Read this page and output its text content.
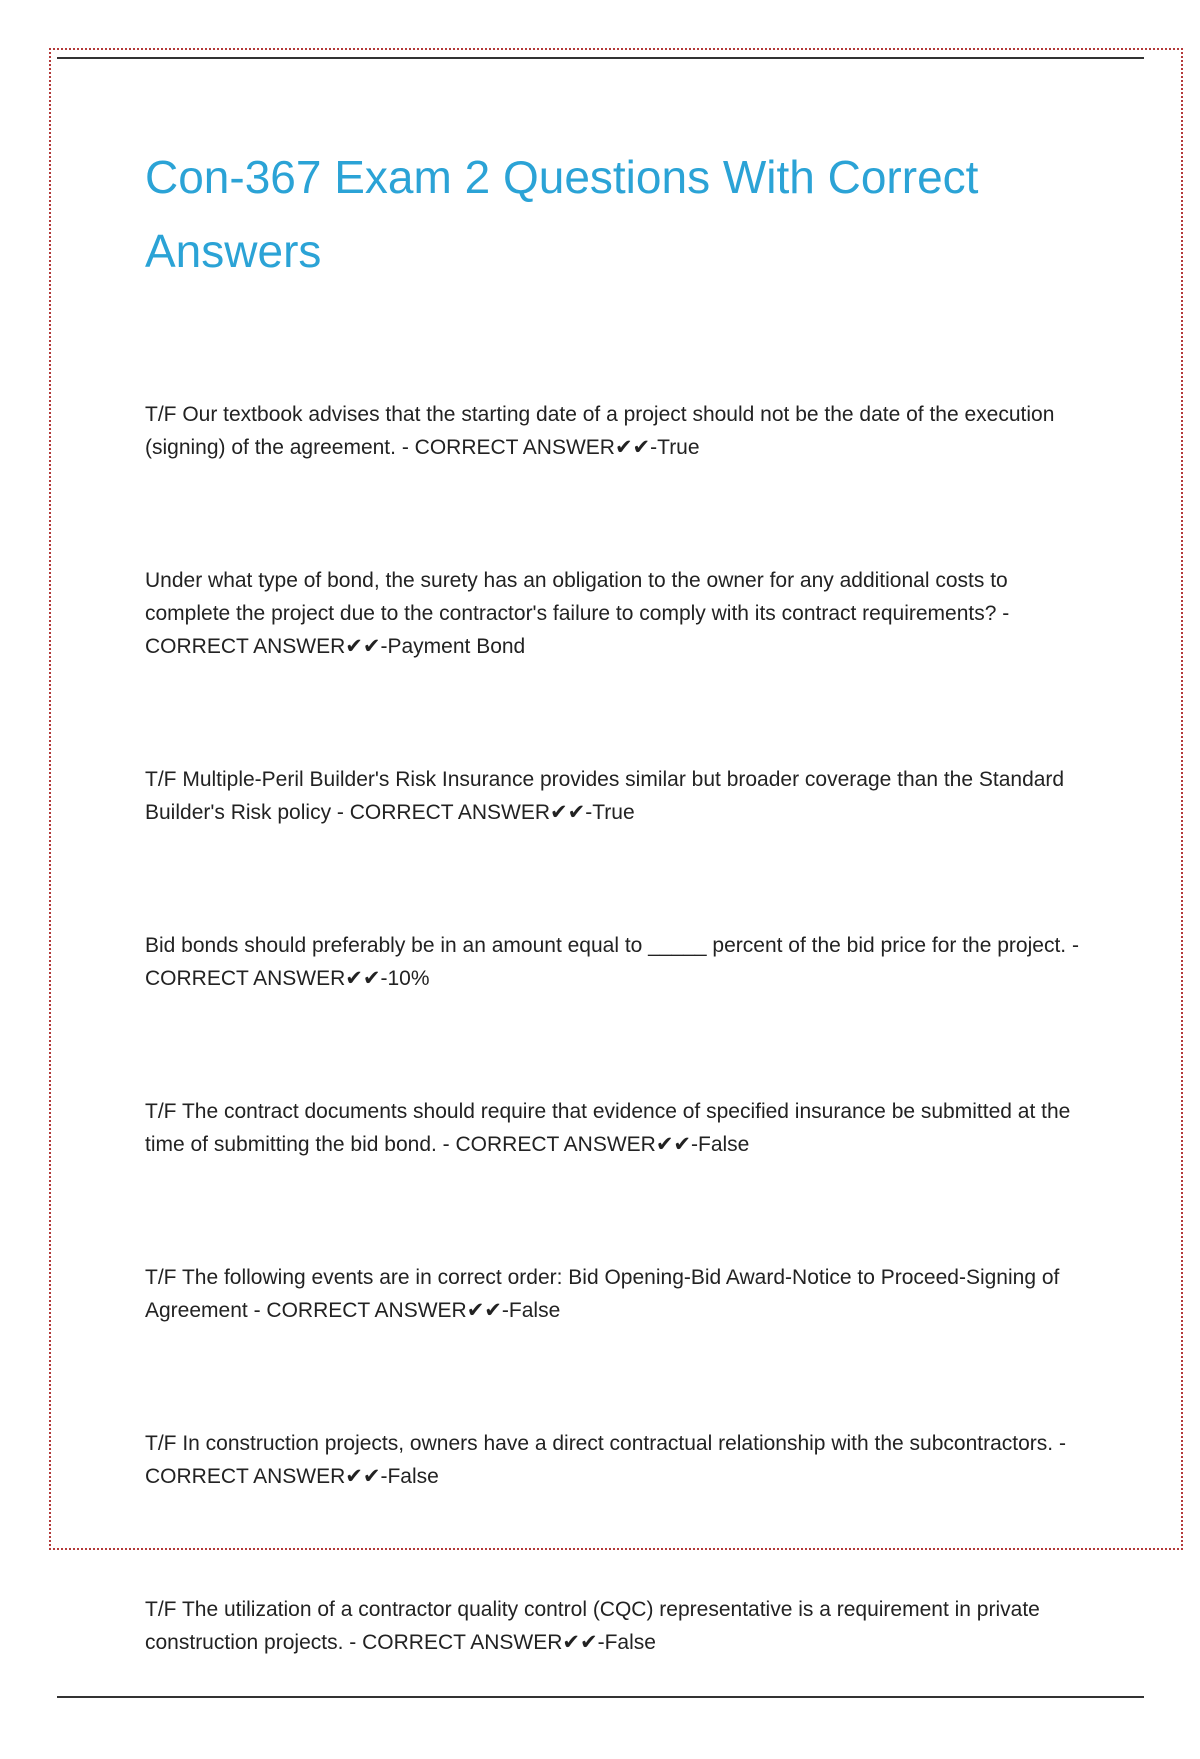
Con-367 Exam 2 Questions With Correct Answers

T/F Our textbook advises that the starting date of a project should not be the date of the execution (signing) of the agreement. - CORRECT ANSWER✔✔-True

Under what type of bond, the surety has an obligation to the owner for any additional costs to complete the project due to the contractor's failure to comply with its contract requirements? - CORRECT ANSWER✔✔-Payment Bond

T/F Multiple-Peril Builder's Risk Insurance provides similar but broader coverage than the Standard Builder's Risk policy - CORRECT ANSWER✔✔-True

Bid bonds should preferably be in an amount equal to _____ percent of the bid price for the project. - CORRECT ANSWER✔✔-10%

T/F The contract documents should require that evidence of specified insurance be submitted at the time of submitting the bid bond. - CORRECT ANSWER✔✔-False

T/F The following events are in correct order: Bid Opening-Bid Award-Notice to Proceed-Signing of Agreement - CORRECT ANSWER✔✔-False

T/F In construction projects, owners have a direct contractual relationship with the subcontractors. - CORRECT ANSWER✔✔-False

T/F The utilization of a contractor quality control (CQC) representative is a requirement in private construction projects. - CORRECT ANSWER✔✔-False
